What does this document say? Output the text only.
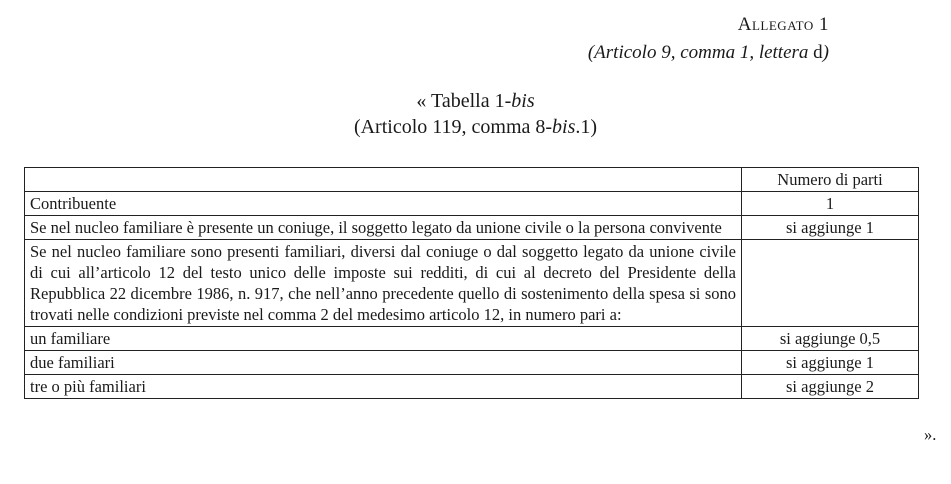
Allegato 1
(Articolo 9, comma 1, lettera d)
« Tabella 1-bis
(Articolo 119, comma 8-bis.1)
	Numero di parti
Contribuente	1
Se nel nucleo familiare è presente un coniuge, il soggetto legato da unione civile o la persona convivente	si aggiunge 1
Se nel nucleo familiare sono presenti familiari, diversi dal coniuge o dal soggetto legato da unione civile di cui all’articolo 12 del testo unico delle imposte sui redditi, di cui al decreto del Presidente della Repubblica 22 dicembre 1986, n. 917, che nell’anno precedente quello di sostenimento della spesa si sono trovati nelle condizioni previste nel comma 2 del medesimo articolo 12, in numero pari a:	
un familiare	si aggiunge 0,5
due familiari	si aggiunge 1
tre o più familiari	si aggiunge 2
».
